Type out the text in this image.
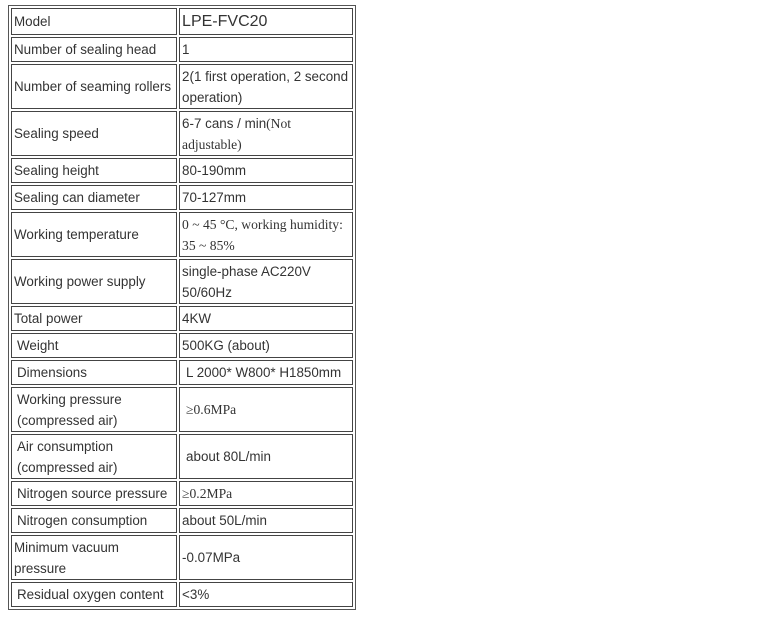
Model	LPE-FVC20
Number of sealing head	1
Number of seaming rollers	2(1 first operation, 2 second operation)
Sealing speed	6-7 cans / min(Not adjustable)
Sealing height	80-190mm
Sealing can diameter	70-127mm
Working temperature	0 ~ 45 °C, working humidity: 35 ~ 85%
Working power supply	single-phase AC220V 50/60Hz
Total power	4KW
Weight	500KG (about)
Dimensions	L 2000* W800* H1850mm
Working pressure (compressed air)	≥0.6MPa
Air consumption (compressed air)	about 80L/min
Nitrogen source pressure	≥0.2MPa
Nitrogen consumption	about 50L/min
Minimum vacuum pressure	-0.07MPa
Residual oxygen content	<3%
